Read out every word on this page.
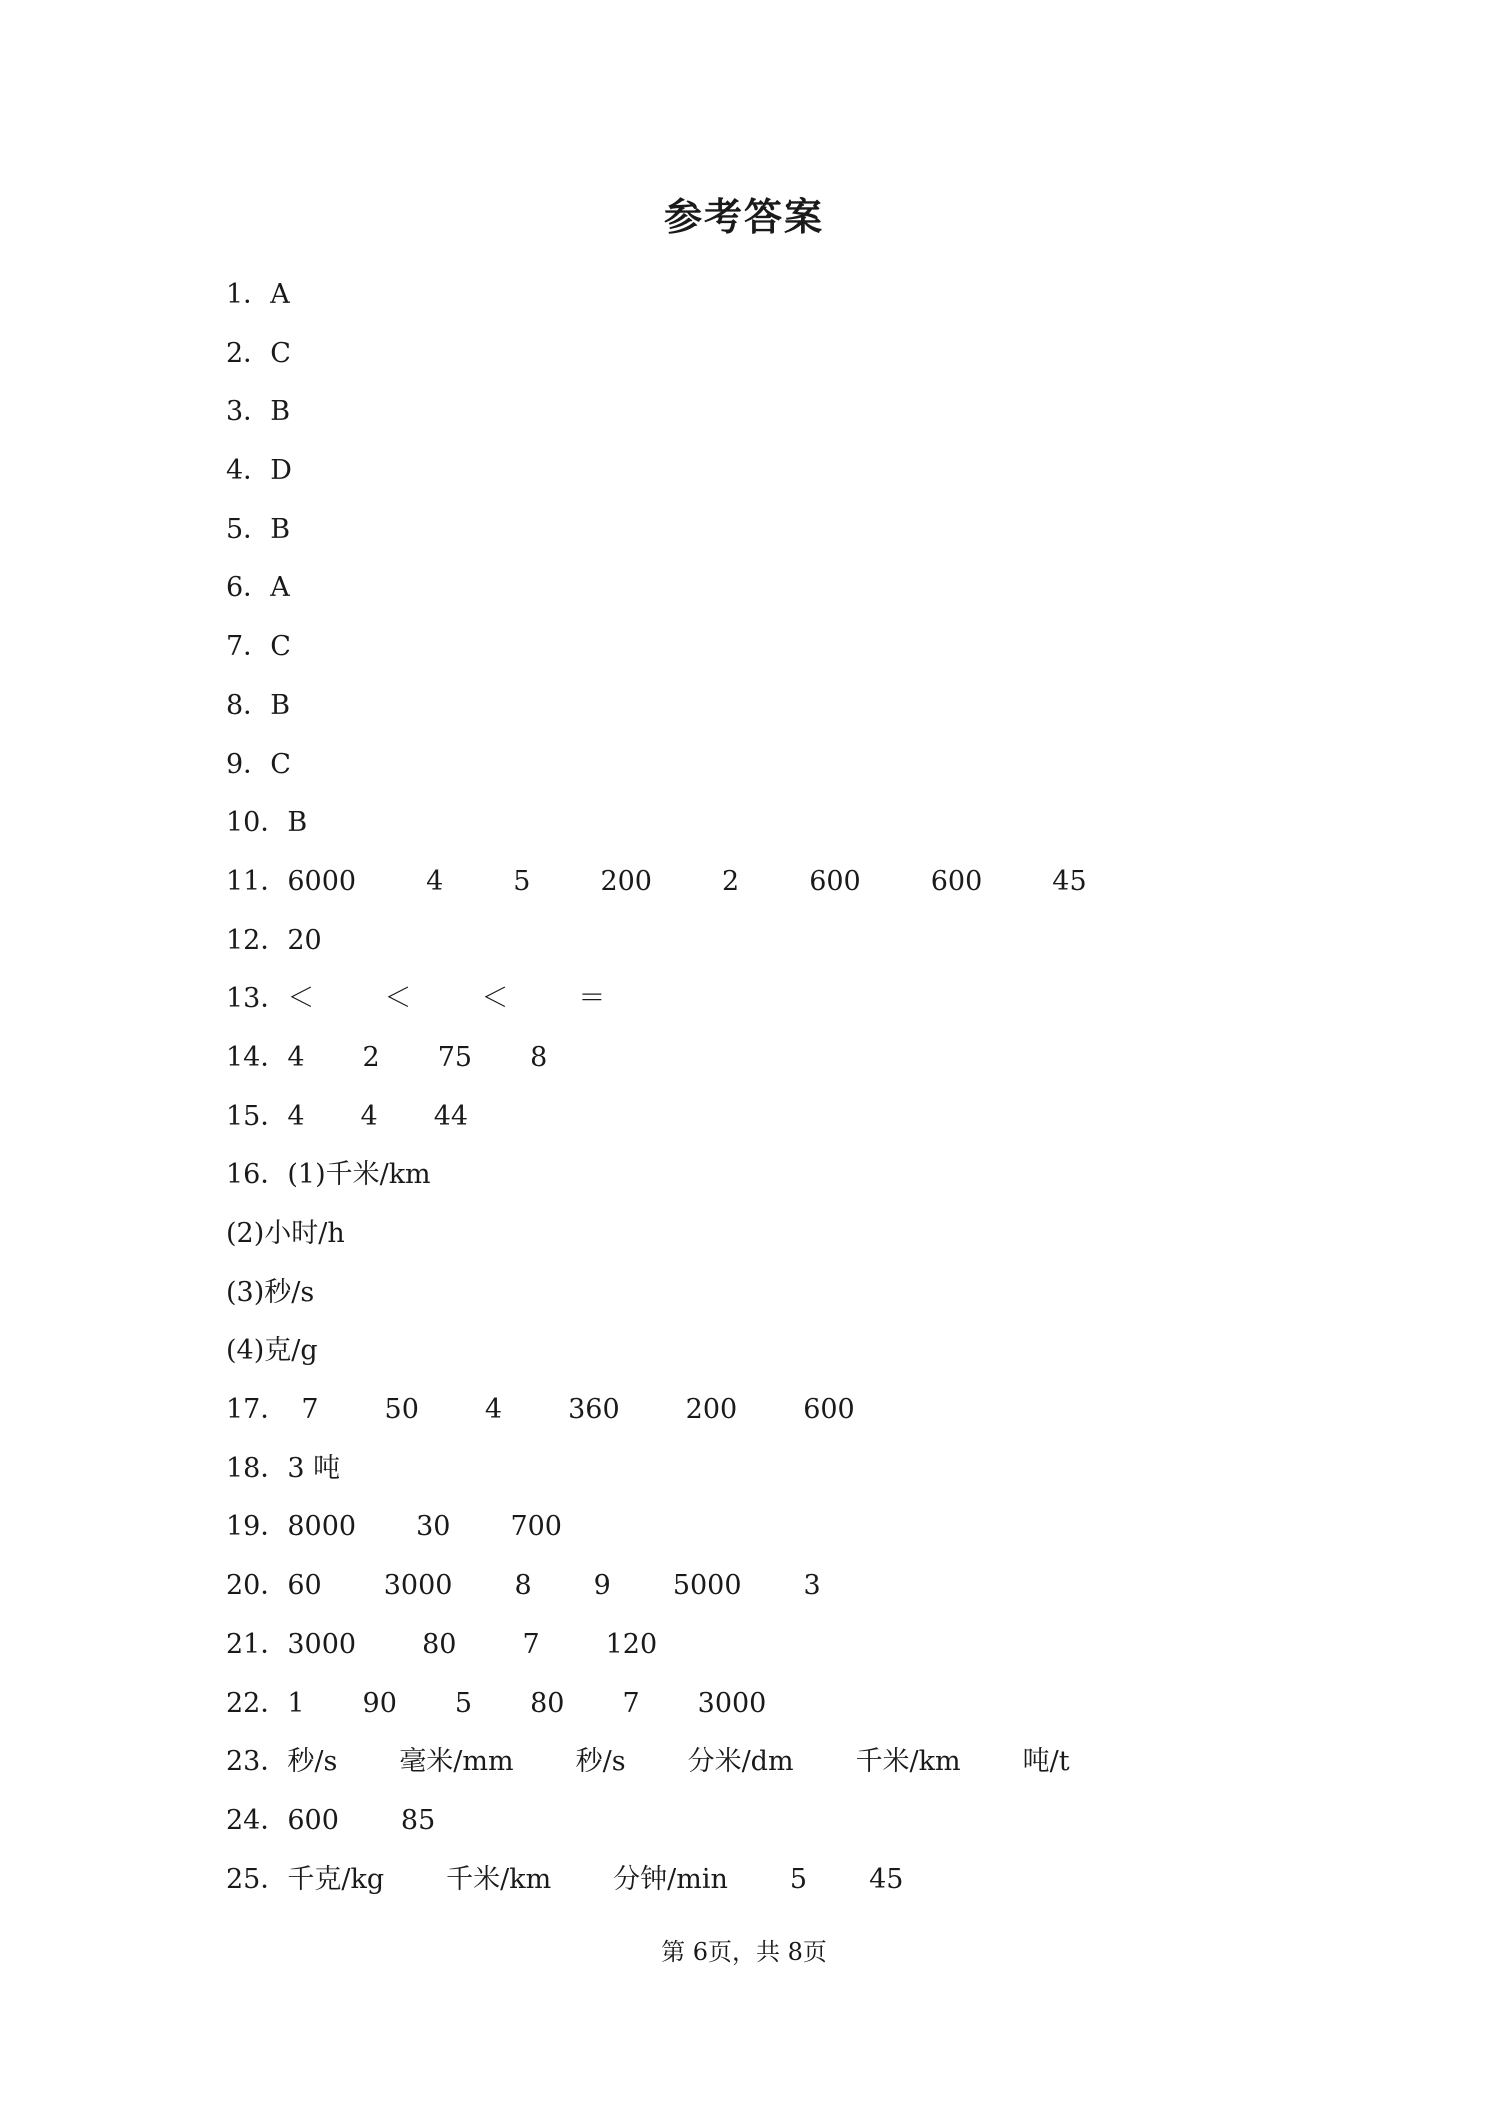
参考答案
1．A
2．C
3．B
4．D
5．B
6．A
7．C
8．B
9．C
10．B
11．6000	4	5	200	2	600	600	45
12．20
13．＜	＜	＜	＝
14．4 2 75 8
15．4 4 44
16．(1)千米/km
(2)小时/h
(3)秒/s
(4)克/g
17． 7 50 4 360 200 600
18．3 吨
19．8000 30 700
20．60 3000 8 9 5000 3
21．3000 80 7 120
22．1 90 5 80 7 3000
23．秒/s 毫米/mm 秒/s 分米/dm 千米/km 吨/t
24．600 85
25．千克/kg 千米/km 分钟/min 5 45
第 6页，共 8页
